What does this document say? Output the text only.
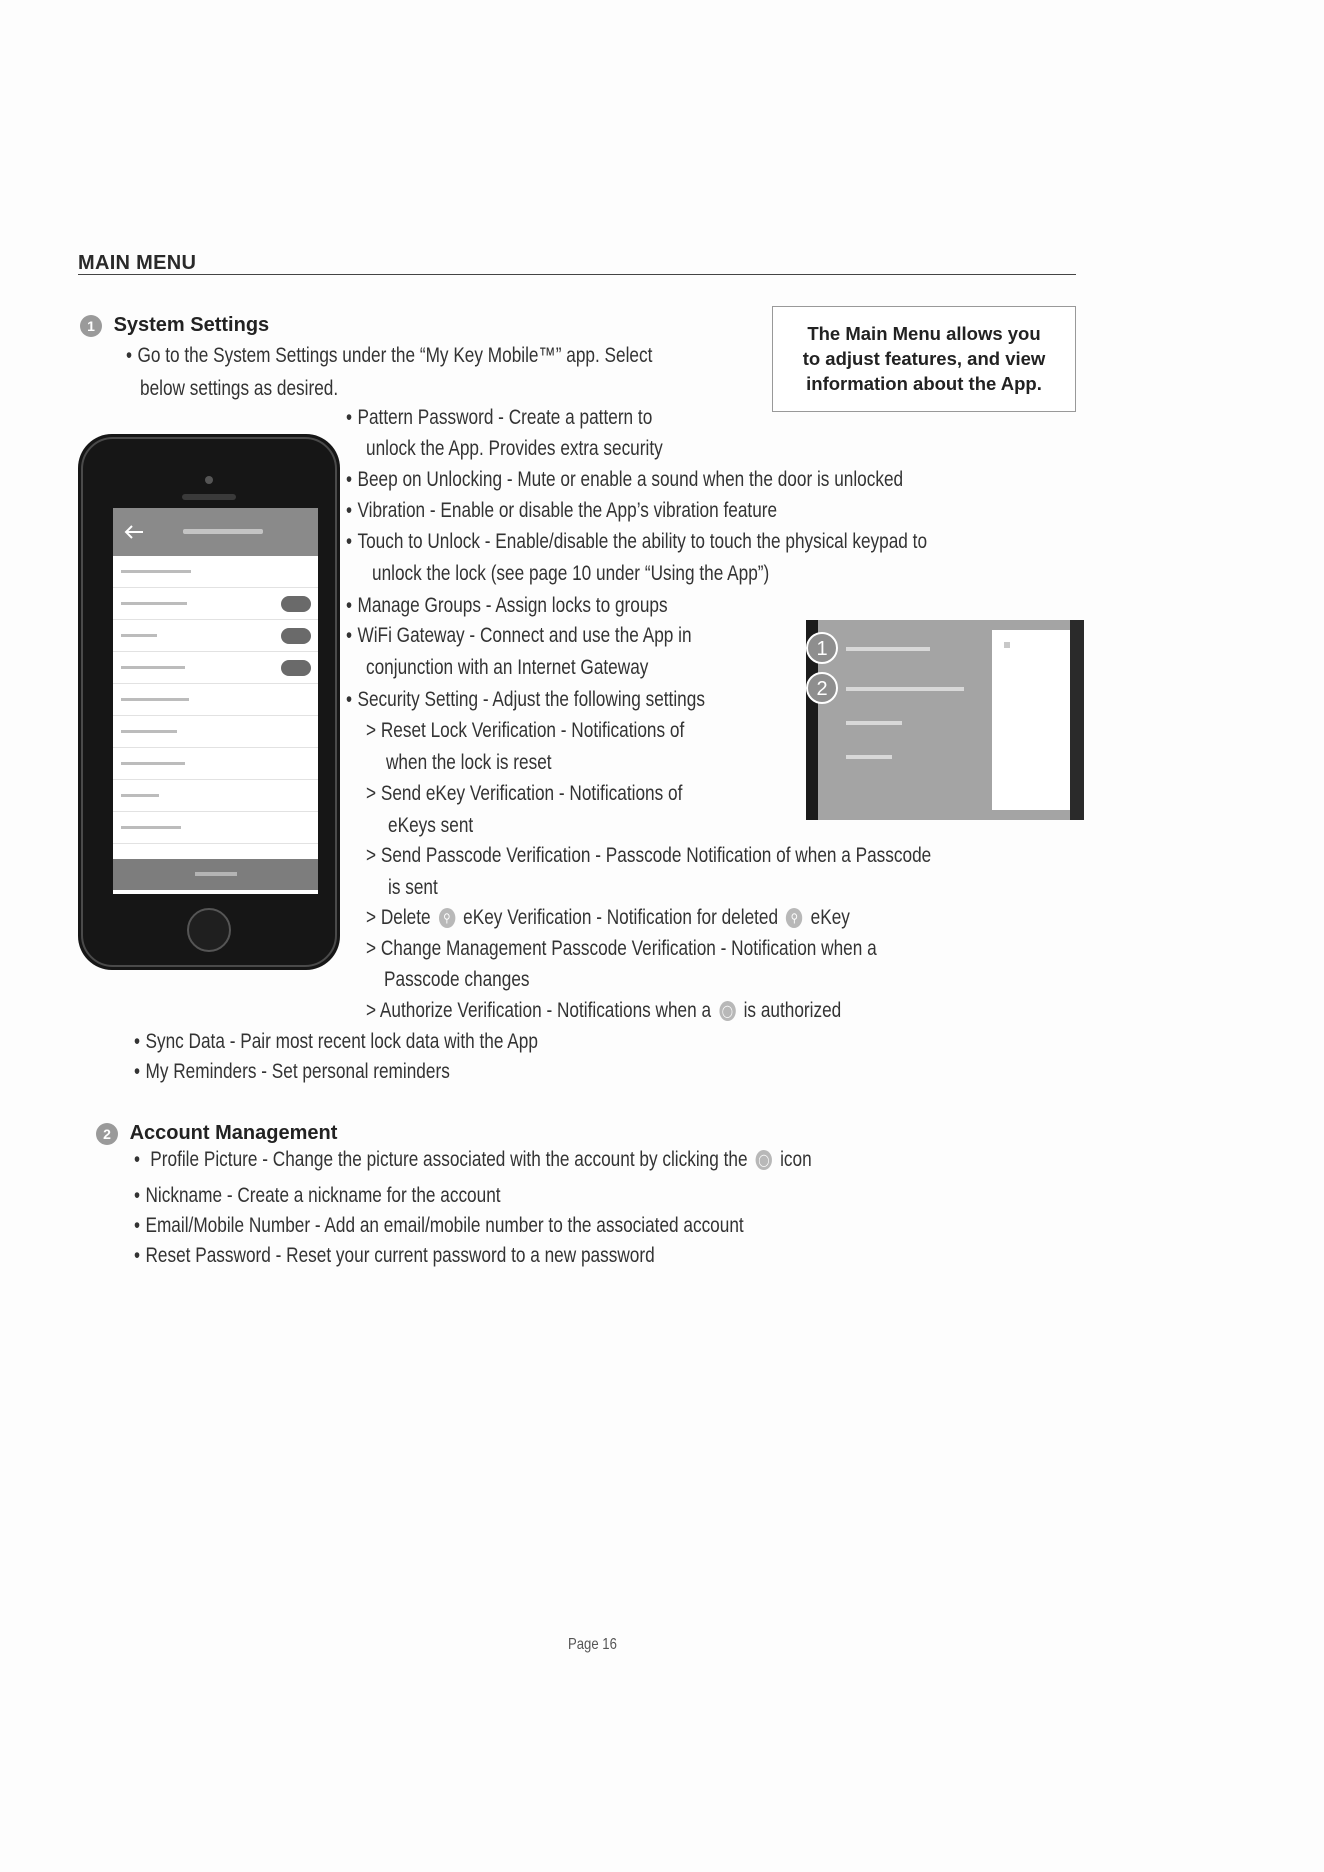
MAIN MENU
The Main Menu allows you
to adjust features, and view
information about the App.
1 System Settings
• Go to the System Settings under the “My Key Mobile™” app. Select
below settings as desired.
• Pattern Password - Create a pattern to
unlock the App. Provides extra security
• Beep on Unlocking - Mute or enable a sound when the door is unlocked
• Vibration - Enable or disable the App’s vibration feature
• Touch to Unlock - Enable/disable the ability to touch the physical keypad to
unlock the lock (see page 10 under “Using the App”)
• Manage Groups - Assign locks to groups
• WiFi Gateway - Connect and use the App in
conjunction with an Internet Gateway
• Security Setting - Adjust the following settings
> Reset Lock Verification - Notifications of
when the lock is reset
> Send eKey Verification - Notifications of
eKeys sent
> Send Passcode Verification - Passcode Notification of when a Passcode
is sent
> Delete ⚲ eKey Verification - Notification for deleted ⚲ eKey
> Change Management Passcode Verification - Notification when a
Passcode changes
> Authorize Verification - Notifications when a ◯ is authorized
1
2
• Sync Data - Pair most recent lock data with the App
• My Reminders - Set personal reminders
2 Account Management
• Profile Picture - Change the picture associated with the account by clicking the ◯ icon
• Nickname - Create a nickname for the account
• Email/Mobile Number - Add an email/mobile number to the associated account
• Reset Password - Reset your current password to a new password
Page 16
